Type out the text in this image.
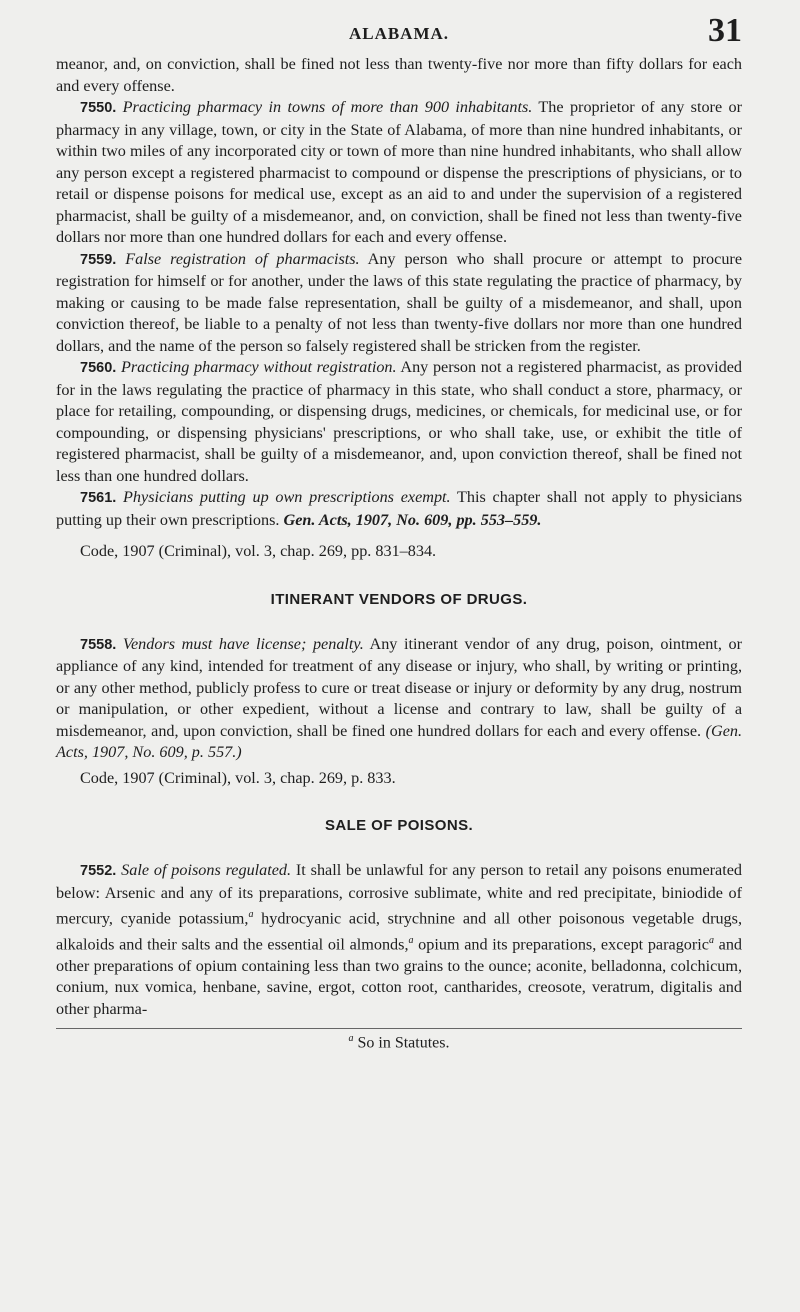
ALABAMA.	31

meanor, and, on conviction, shall be fined not less than twenty-five nor more than fifty dollars for each and every offense.

7550. Practicing pharmacy in towns of more than 900 inhabitants. The proprietor of any store or pharmacy in any village, town, or city in the State of Alabama, of more than nine hundred inhabitants, or within two miles of any incorporated city or town of more than nine hundred inhabitants, who shall allow any person except a registered pharmacist to compound or dispense the prescriptions of physicians, or to retail or dispense poisons for medical use, except as an aid to and under the supervision of a registered pharmacist, shall be guilty of a misdemeanor, and, on conviction, shall be fined not less than twenty-five dollars nor more than one hundred dollars for each and every offense.

7559. False registration of pharmacists. Any person who shall procure or attempt to procure registration for himself or for another, under the laws of this state regulating the practice of pharmacy, by making or causing to be made false representation, shall be guilty of a misdemeanor, and shall, upon conviction thereof, be liable to a penalty of not less than twenty-five dollars nor more than one hundred dollars, and the name of the person so falsely registered shall be stricken from the register.

7560. Practicing pharmacy without registration. Any person not a registered pharmacist, as provided for in the laws regulating the practice of pharmacy in this state, who shall conduct a store, pharmacy, or place for retailing, compounding, or dispensing drugs, medicines, or chemicals, for medicinal use, or for compounding, or dispensing physicians' prescriptions, or who shall take, use, or exhibit the title of registered pharmacist, shall be guilty of a misdemeanor, and, upon conviction thereof, shall be fined not less than one hundred dollars.

7561. Physicians putting up own prescriptions exempt. This chapter shall not apply to physicians putting up their own prescriptions. Gen. Acts, 1907, No. 609, pp. 553–559.

Code, 1907 (Criminal), vol. 3, chap. 269, pp. 831–834.
ITINERANT VENDORS OF DRUGS.

7558. Vendors must have license; penalty. Any itinerant vendor of any drug, poison, ointment, or appliance of any kind, intended for treatment of any disease or injury, who shall, by writing or printing, or any other method, publicly profess to cure or treat disease or injury or deformity by any drug, nostrum or manipulation, or other expedient, without a license and contrary to law, shall be guilty of a misdemeanor, and, upon conviction, shall be fined one hundred dollars for each and every offense. (Gen. Acts, 1907, No. 609, p. 557.)

Code, 1907 (Criminal), vol. 3, chap. 269, p. 833.
SALE OF POISONS.

7552. Sale of poisons regulated. It shall be unlawful for any person to retail any poisons enumerated below: Arsenic and any of its preparations, corrosive sublimate, white and red precipitate, biniodide of mercury, cyanide potassium,$^a$ hydrocyanic acid, strychnine and all other poisonous vegetable drugs, alkaloids and their salts and the essential oil almonds,$^a$ opium and its preparations, except paragoric$^a$ and other preparations of opium containing less than two grains to the ounce; aconite, belladonna, colchicum, conium, nux vomica, henbane, savine, ergot, cotton root, cantharides, creosote, veratrum, digitalis and other pharma-

$^a$ So in Statutes.
